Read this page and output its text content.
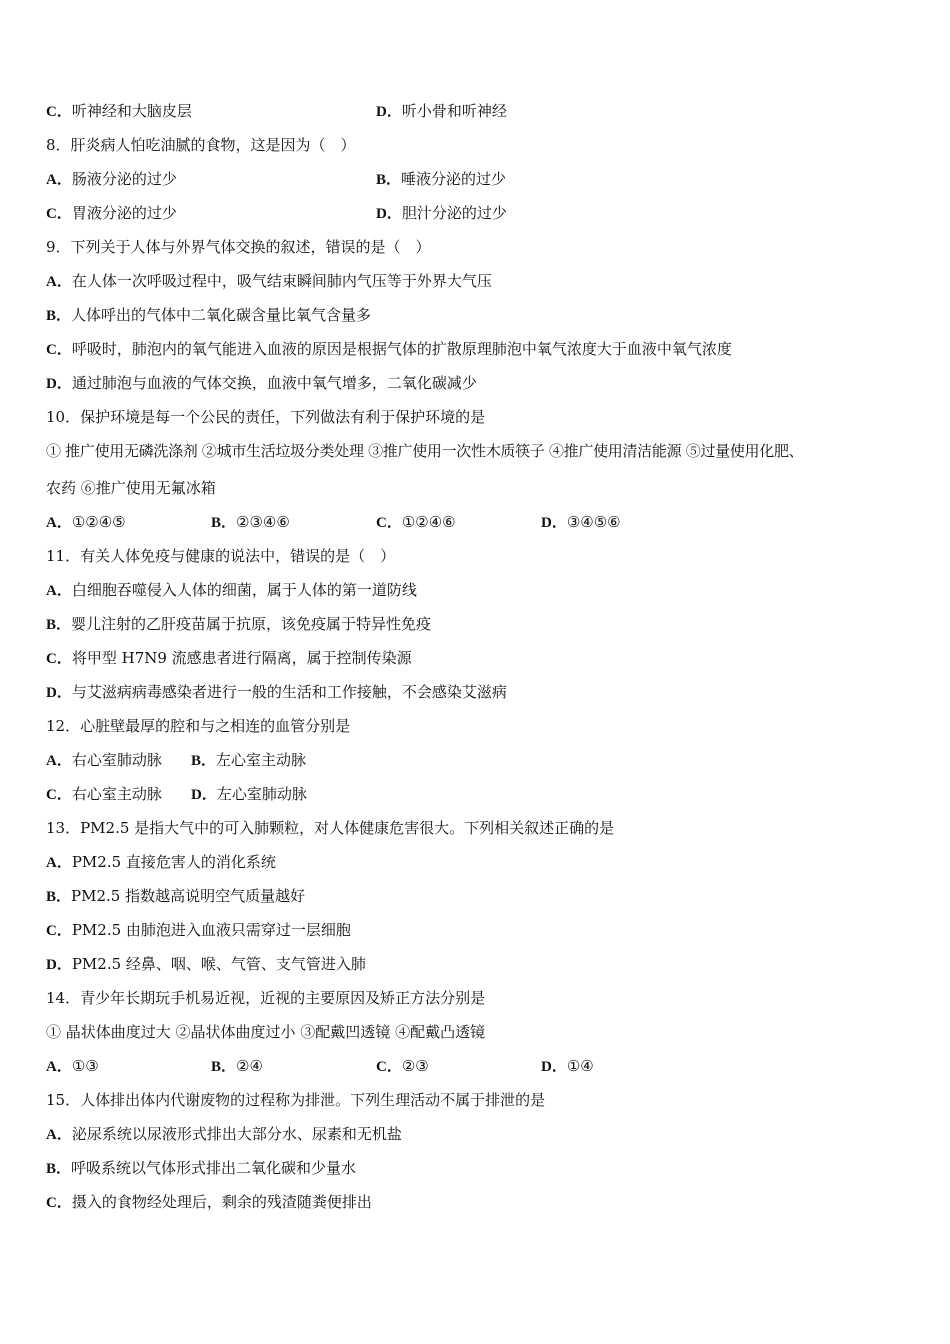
C．听神经和大脑皮层	D．听小骨和听神经
8．肝炎病人怕吃油腻的食物，这是因为（　）
A．肠液分泌的过少	B．唾液分泌的过少
C．胃液分泌的过少	D．胆汁分泌的过少
9．下列关于人体与外界气体交换的叙述，错误的是（　）
A．在人体一次呼吸过程中，吸气结束瞬间肺内气压等于外界大气压
B．人体呼出的气体中二氧化碳含量比氧气含量多
C．呼吸时，肺泡内的氧气能进入血液的原因是根据气体的扩散原理肺泡中氧气浓度大于血液中氧气浓度
D．通过肺泡与血液的气体交换，血液中氧气增多，二氧化碳减少
10．保护环境是每一个公民的责任，下列做法有利于保护环境的是
① 推广使用无磷洗涤剂 ②城市生活垃圾分类处理 ③推广使用一次性木质筷子 ④推广使用清洁能源 ⑤过量使用化肥、
农药 ⑥推广使用无氟冰箱
A．①②④⑤	B．②③④⑥	C．①②④⑥	D．③④⑤⑥
11．有关人体免疫与健康的说法中，错误的是（　）
A．白细胞吞噬侵入人体的细菌，属于人体的第一道防线
B．婴儿注射的乙肝疫苗属于抗原，该免疫属于特异性免疫
C．将甲型 H7N9 流感患者进行隔离，属于控制传染源
D．与艾滋病病毒感染者进行一般的生活和工作接触，不会感染艾滋病
12．心脏壁最厚的腔和与之相连的血管分别是
A．右心室肺动脉 B．左心室主动脉
C．右心室主动脉 D．左心室肺动脉
13．PM2.5 是指大气中的可入肺颗粒，对人体健康危害很大。下列相关叙述正确的是
A．PM2.5 直接危害人的消化系统
B．PM2.5 指数越高说明空气质量越好
C．PM2.5 由肺泡进入血液只需穿过一层细胞
D．PM2.5 经鼻、咽、喉、气管、支气管进入肺
14．青少年长期玩手机易近视，近视的主要原因及矫正方法分别是
① 晶状体曲度过大 ②晶状体曲度过小 ③配戴凹透镜 ④配戴凸透镜
A．①③	B．②④	C．②③	D．①④
15．人体排出体内代谢废物的过程称为排泄。下列生理活动不属于排泄的是
A．泌尿系统以尿液形式排出大部分水、尿素和无机盐
B．呼吸系统以气体形式排出二氧化碳和少量水
C．摄入的食物经处理后，剩余的残渣随粪便排出
